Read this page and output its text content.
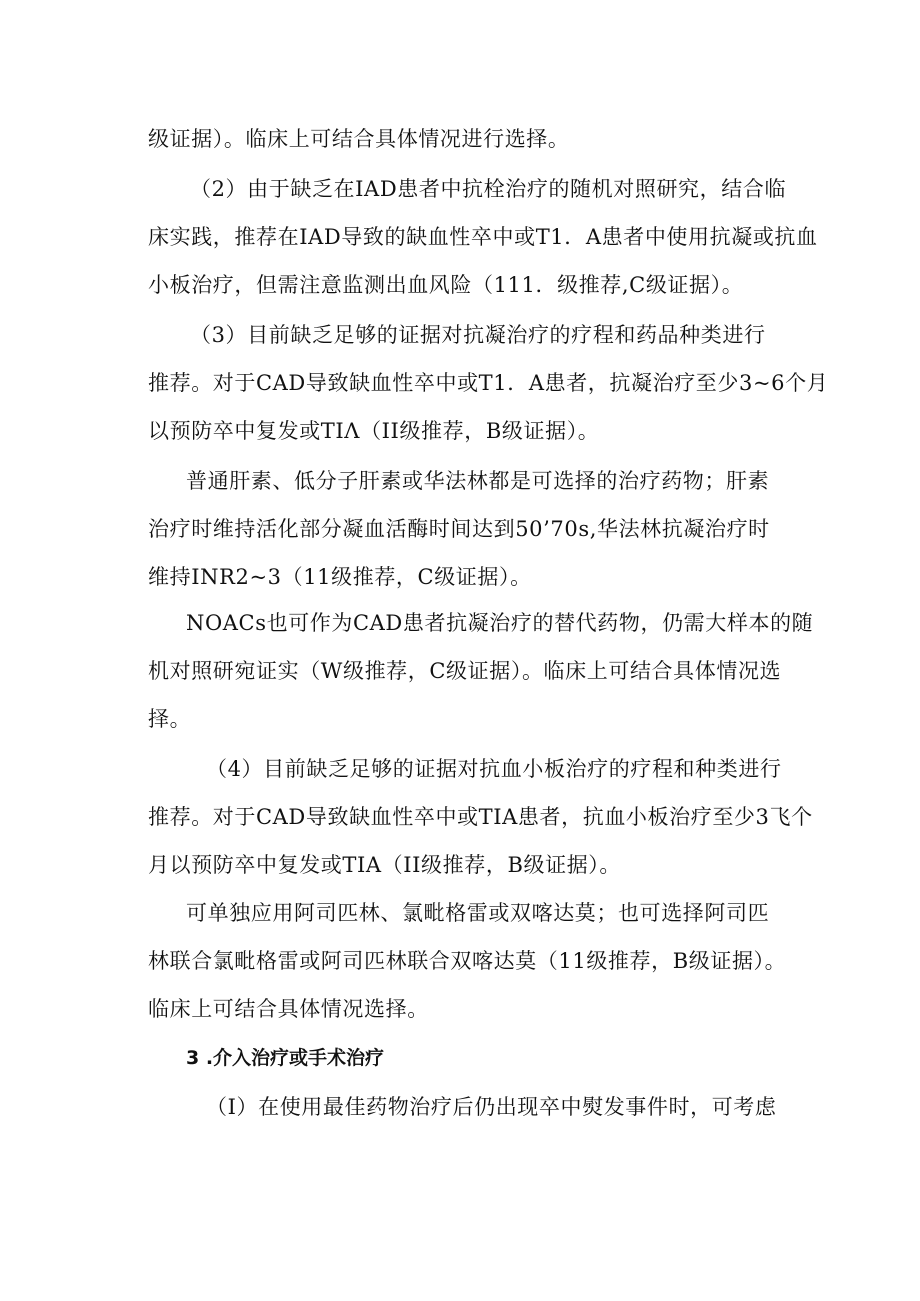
级证据）。临床上可结合具体情况进行选择。
（2）由于缺乏在IAD患者中抗栓治疗的随机对照研究，结合临
床实践，推荐在IAD导致的缺血性卒中或T1．A患者中使用抗凝或抗血
小板治疗，但需注意监测出血风险（111．级推荐,C级证据）。
（3）目前缺乏足够的证据对抗凝治疗的疗程和药品种类进行
推荐。对于CAD导致缺血性卒中或T1．A患者，抗凝治疗至少3~6个月
以预防卒中复发或TIΛ（II级推荐，B级证据）。
普通肝素、低分子肝素或华法林都是可选择的治疗药物；肝素
治疗时维持活化部分凝血活酶时间达到50’70s,华法林抗凝治疗时
维持INR2~3（11级推荐，C级证据）。
NOACs也可作为CAD患者抗凝治疗的替代药物，仍需大样本的随
机对照研宛证实（W级推荐，C级证据）。临床上可结合具体情况选
择。
（4）目前缺乏足够的证据对抗血小板治疗的疗程和种类进行
推荐。对于CAD导致缺血性卒中或TIA患者，抗血小板治疗至少3飞个
月以预防卒中复发或TIA（II级推荐，B级证据）。
可单独应用阿司匹林、氯毗格雷或双喀达莫；也可选择阿司匹
林联合氯毗格雷或阿司匹林联合双喀达莫（11级推荐，B级证据）。
临床上可结合具体情况选择。
3 .介入治疗或手术治疗
（I）在使用最佳药物治疗后仍出现卒中熨发事件时，可考虑
